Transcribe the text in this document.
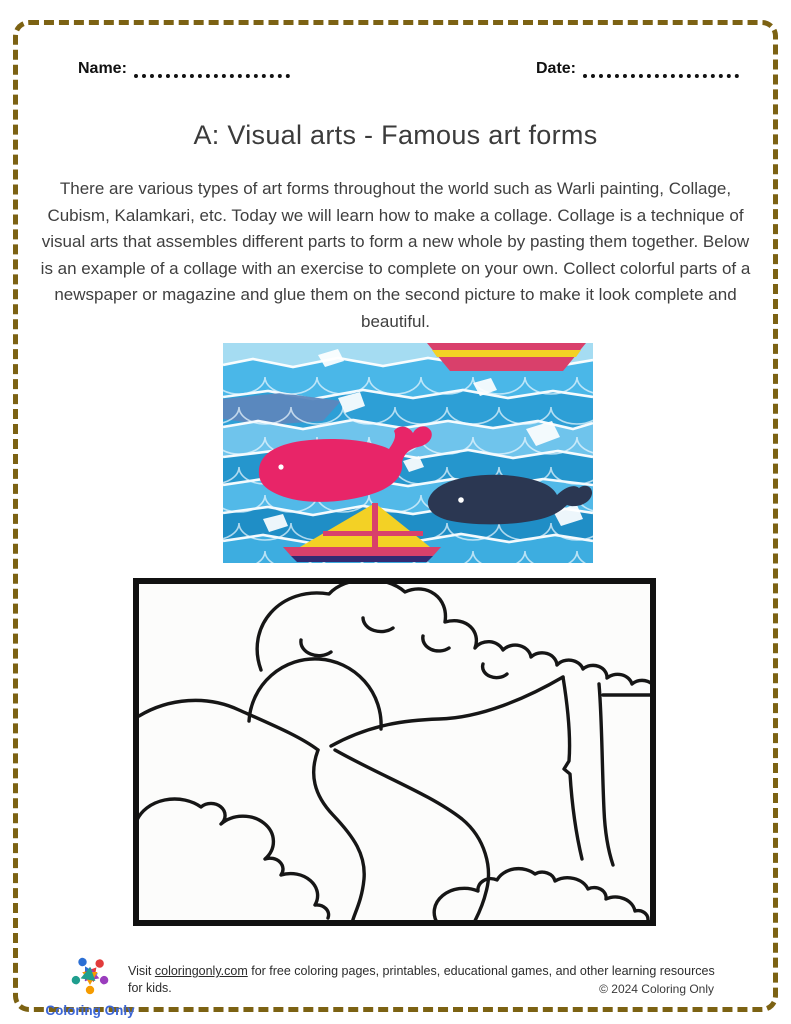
Name:	Date:
A: Visual arts - Famous art forms
There are various types of art forms throughout the world such as Warli painting, Collage, Cubism, Kalamkari, etc. Today we will learn how to make a collage. Collage is a technique of visual arts that assembles different parts to form a new whole by pasting them together. Below is an example of a collage with an exercise to complete on your own. Collect colorful parts of a newspaper or magazine and glue them on the second picture to make it look complete and beautiful.
Coloring Only
Visit coloringonly.com for free coloring pages, printables, educational games, and other learning resources for kids.	© 2024 Coloring Only
